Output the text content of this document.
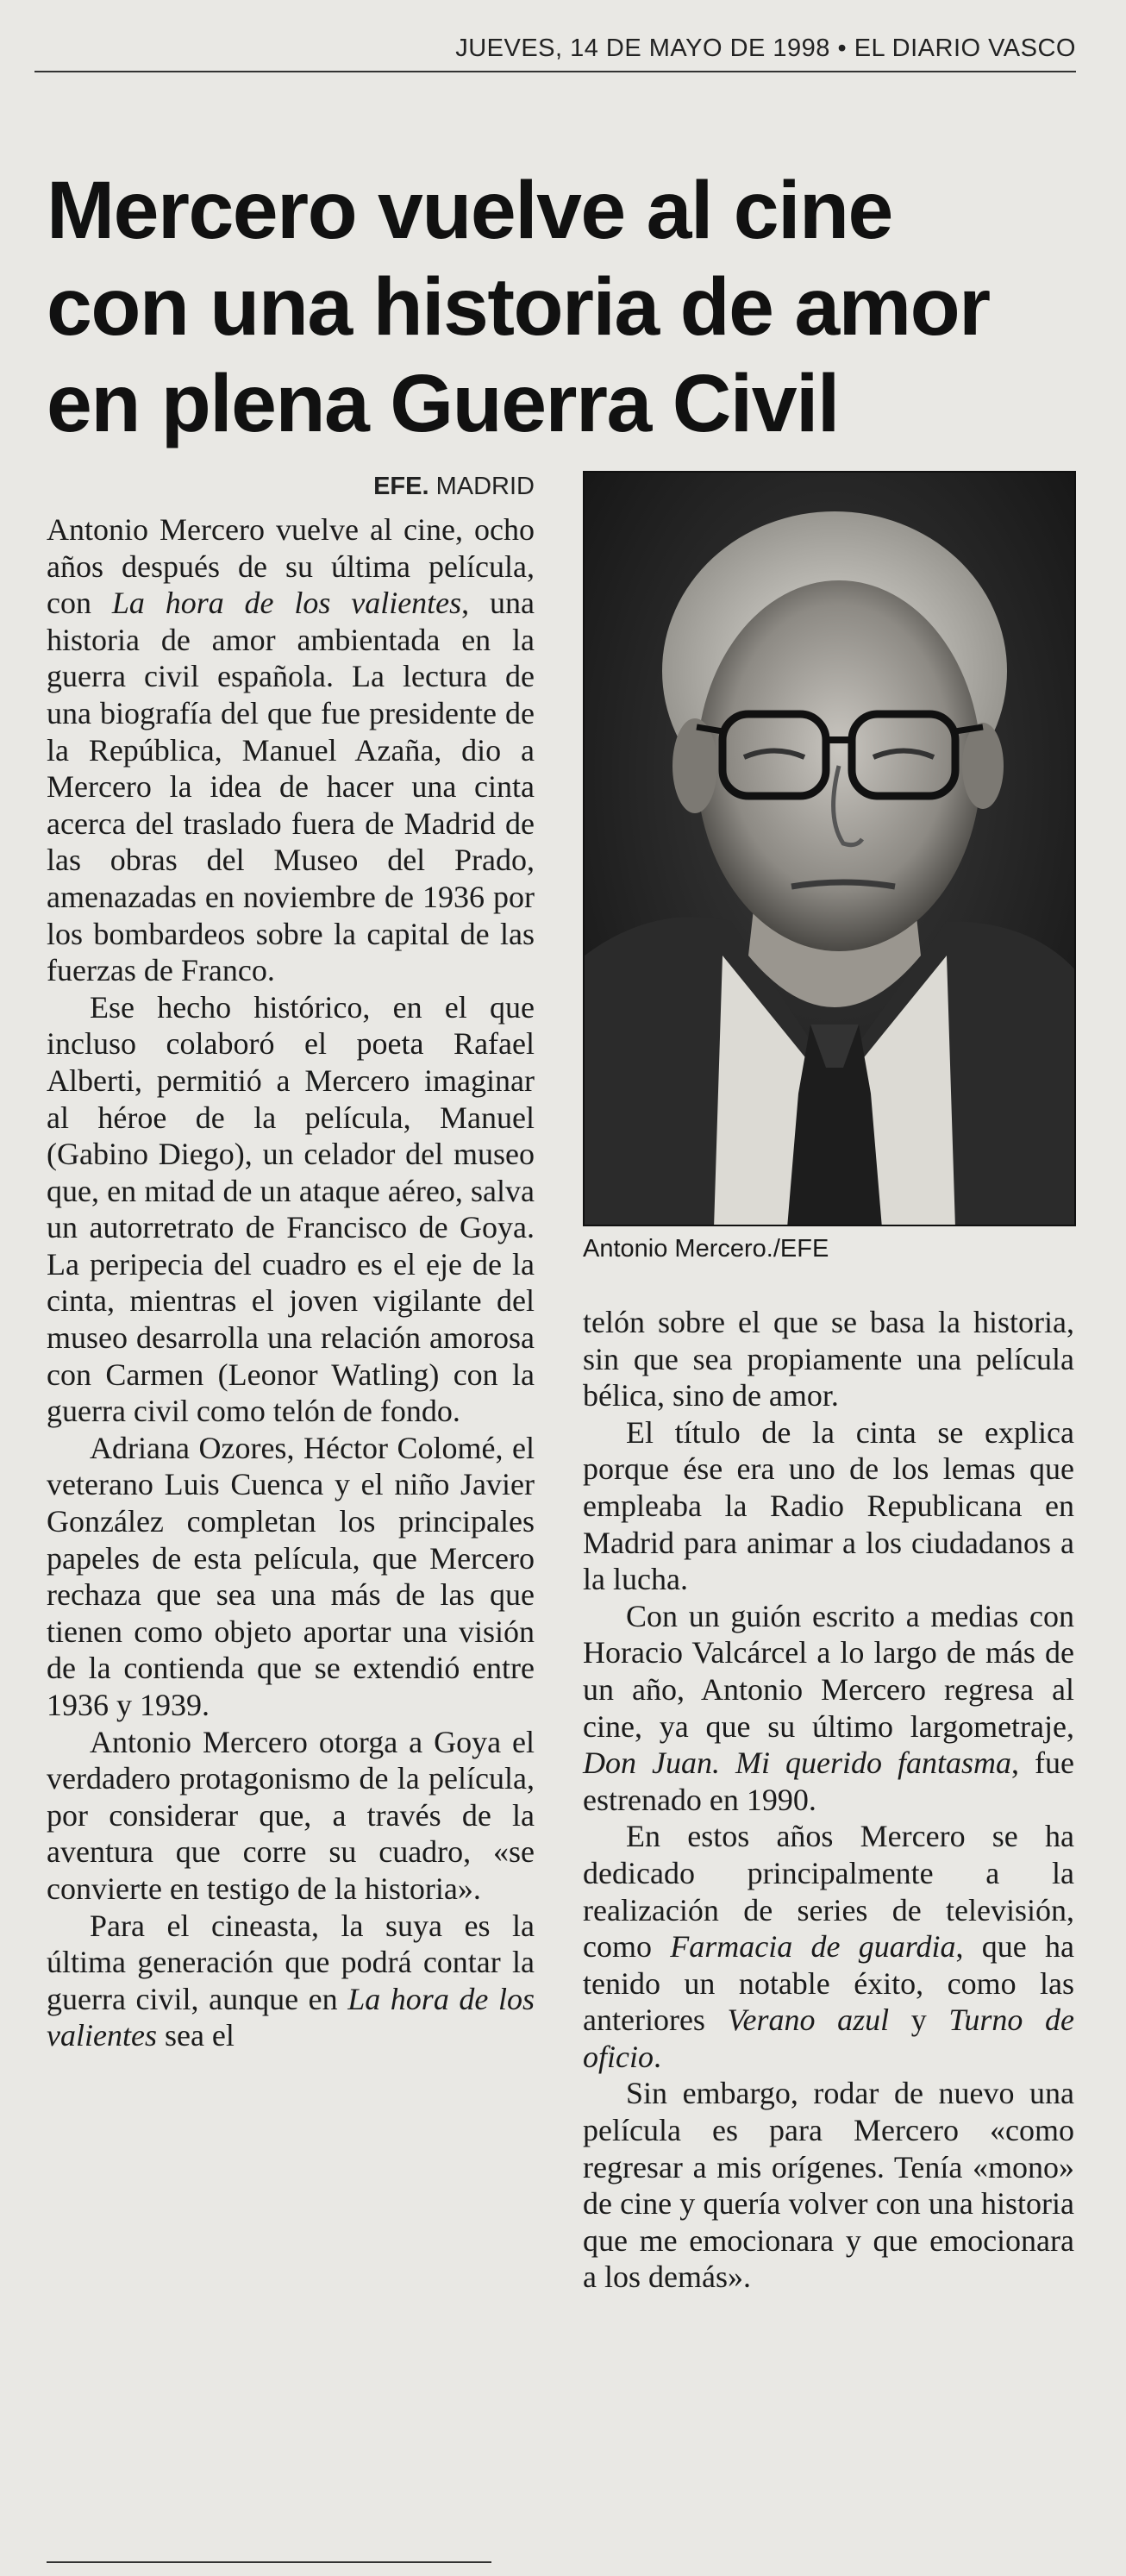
JUEVES, 14 DE MAYO DE 1998 • EL DIARIO VASCO
Mercero vuelve al cine
con una historia de amor
en plena Guerra Civil
EFE. MADRID

Antonio Mercero vuelve al cine, ocho años después de su última película, con La hora de los valientes, una historia de amor ambientada en la guerra civil española. La lectura de una biografía del que fue presidente de la República, Manuel Azaña, dio a Mercero la idea de hacer una cinta acerca del traslado fuera de Madrid de las obras del Museo del Prado, amenazadas en noviembre de 1936 por los bombardeos sobre la capital de las fuerzas de Franco.

Ese hecho histórico, en el que incluso colaboró el poeta Rafael Alberti, permitió a Mercero imaginar al héroe de la película, Manuel (Gabino Diego), un celador del museo que, en mitad de un ataque aéreo, salva un autorretrato de Francisco de Goya. La peripecia del cuadro es el eje de la cinta, mientras el joven vigilante del museo desarrolla una relación amorosa con Carmen (Leonor Watling) con la guerra civil como telón de fondo.

Adriana Ozores, Héctor Colomé, el veterano Luis Cuenca y el niño Javier González completan los principales papeles de esta película, que Mercero rechaza que sea una más de las que tienen como objeto aportar una visión de la contienda que se extendió entre 1936 y 1939.

Antonio Mercero otorga a Goya el verdadero protagonismo de la película, por considerar que, a través de la aventura que corre su cuadro, «se convierte en testigo de la historia».

Para el cineasta, la suya es la última generación que podrá contar la guerra civil, aunque en La hora de los valientes sea el

Antonio Mercero./EFE

telón sobre el que se basa la historia, sin que sea propiamente una película bélica, sino de amor.

El título de la cinta se explica porque ése era uno de los lemas que empleaba la Radio Republicana en Madrid para animar a los ciudadanos a la lucha.

Con un guión escrito a medias con Horacio Valcárcel a lo largo de más de un año, Antonio Mercero regresa al cine, ya que su último largometraje, Don Juan. Mi querido fantasma, fue estrenado en 1990.

En estos años Mercero se ha dedicado principalmente a la realización de series de televisión, como Farmacia de guardia, que ha tenido un notable éxito, como las anteriores Verano azul y Turno de oficio.

Sin embargo, rodar de nuevo una película es para Mercero «como regresar a mis orígenes. Tenía «mono» de cine y quería volver con una historia que me emocionara y que emocionara a los demás».
